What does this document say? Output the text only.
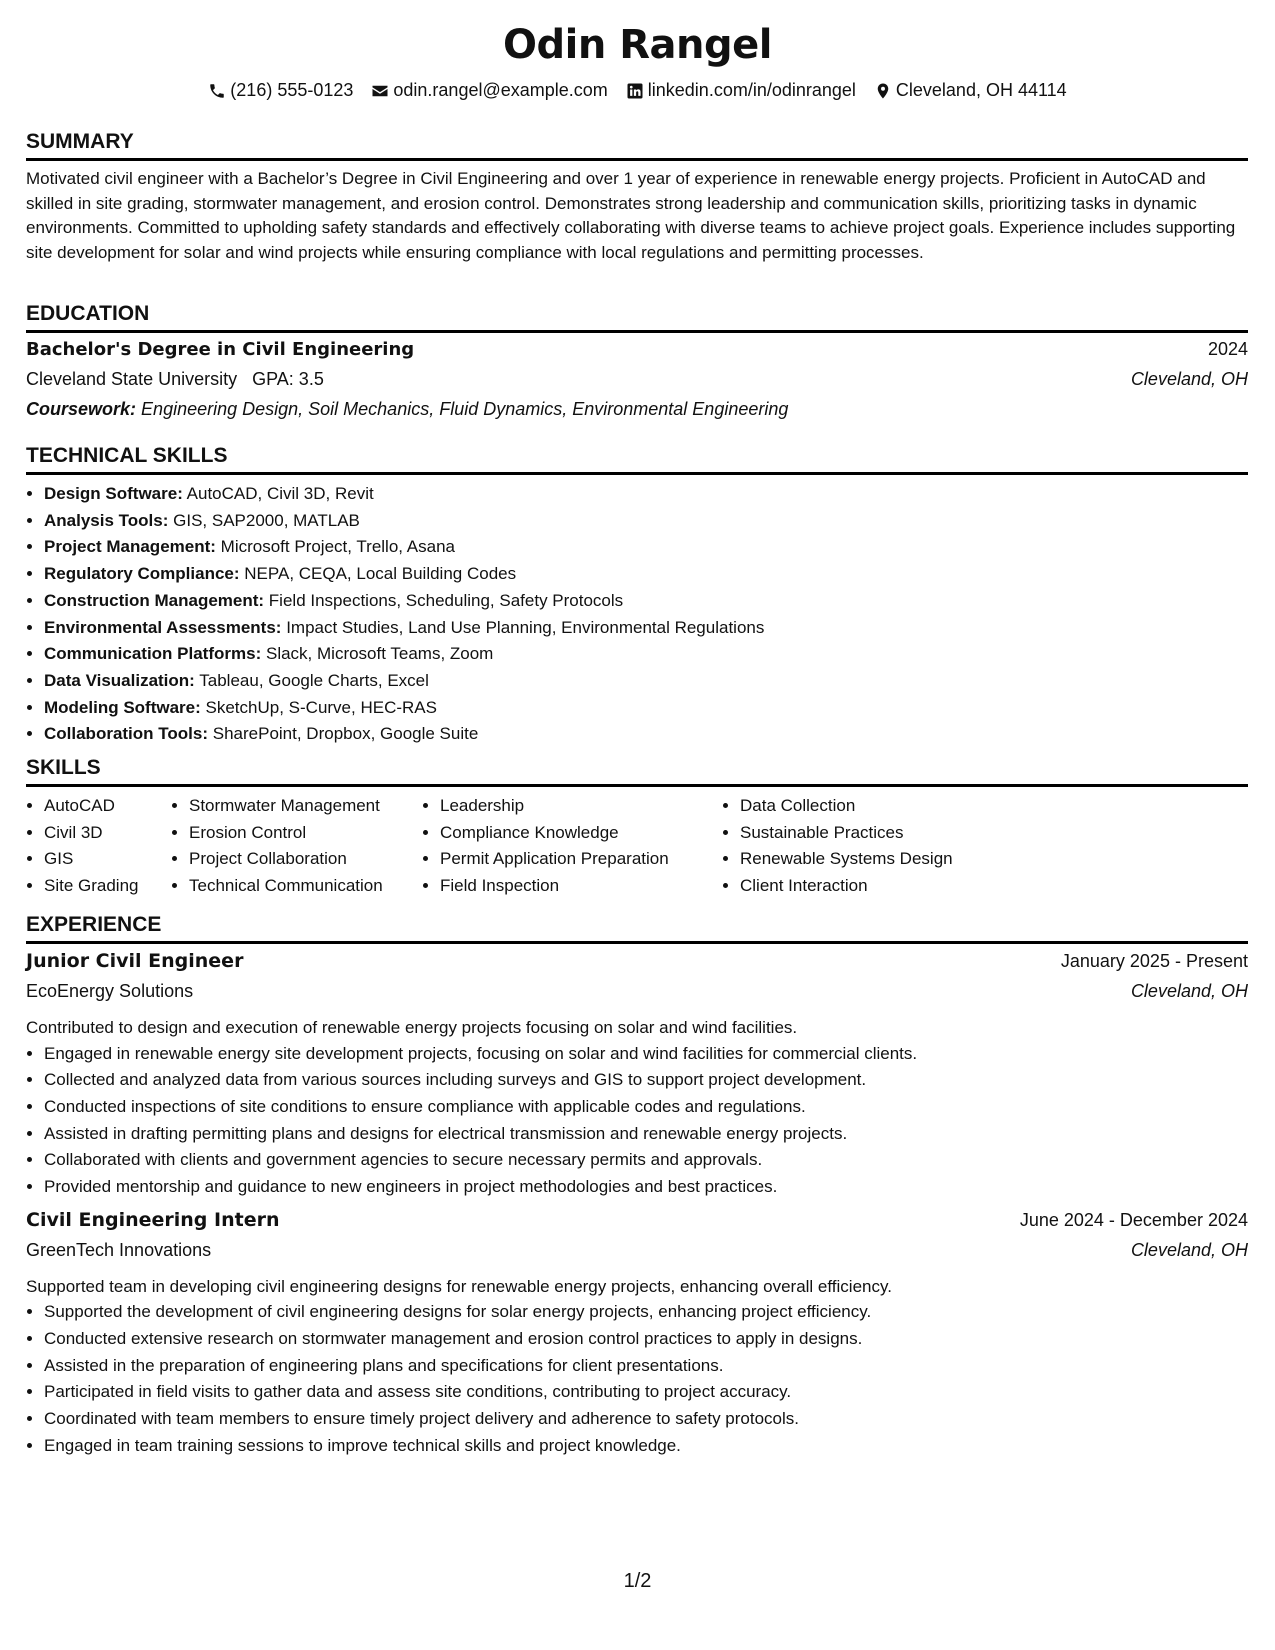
Odin Rangel
(216) 555-0123 odin.rangel@example.com linkedin.com/in/odinrangel Cleveland, OH 44114
SUMMARY
Motivated civil engineer with a Bachelor’s Degree in Civil Engineering and over 1 year of experience in renewable energy projects. Proficient in AutoCAD and skilled in site grading, stormwater management, and erosion control. Demonstrates strong leadership and communication skills, prioritizing tasks in dynamic environments. Committed to upholding safety standards and effectively collaborating with diverse teams to achieve project goals. Experience includes supporting site development for solar and wind projects while ensuring compliance with local regulations and permitting processes.
EDUCATION
Bachelor's Degree in Civil Engineering	2024
Cleveland State University GPA: 3.5	Cleveland, OH
Coursework: Engineering Design, Soil Mechanics, Fluid Dynamics, Environmental Engineering
TECHNICAL SKILLS
• Design Software: AutoCAD, Civil 3D, Revit
• Analysis Tools: GIS, SAP2000, MATLAB
• Project Management: Microsoft Project, Trello, Asana
• Regulatory Compliance: NEPA, CEQA, Local Building Codes
• Construction Management: Field Inspections, Scheduling, Safety Protocols
• Environmental Assessments: Impact Studies, Land Use Planning, Environmental Regulations
• Communication Platforms: Slack, Microsoft Teams, Zoom
• Data Visualization: Tableau, Google Charts, Excel
• Modeling Software: SketchUp, S-Curve, HEC-RAS
• Collaboration Tools: SharePoint, Dropbox, Google Suite
SKILLS
• AutoCAD
• Civil 3D
• GIS
• Site Grading
• Stormwater Management
• Erosion Control
• Project Collaboration
• Technical Communication
• Leadership
• Compliance Knowledge
• Permit Application Preparation
• Field Inspection
• Data Collection
• Sustainable Practices
• Renewable Systems Design
• Client Interaction
EXPERIENCE
Junior Civil Engineer	January 2025 - Present
EcoEnergy Solutions	Cleveland, OH
Contributed to design and execution of renewable energy projects focusing on solar and wind facilities.
• Engaged in renewable energy site development projects, focusing on solar and wind facilities for commercial clients.
• Collected and analyzed data from various sources including surveys and GIS to support project development.
• Conducted inspections of site conditions to ensure compliance with applicable codes and regulations.
• Assisted in drafting permitting plans and designs for electrical transmission and renewable energy projects.
• Collaborated with clients and government agencies to secure necessary permits and approvals.
• Provided mentorship and guidance to new engineers in project methodologies and best practices.
Civil Engineering Intern	June 2024 - December 2024
GreenTech Innovations	Cleveland, OH
Supported team in developing civil engineering designs for renewable energy projects, enhancing overall efficiency.
• Supported the development of civil engineering designs for solar energy projects, enhancing project efficiency.
• Conducted extensive research on stormwater management and erosion control practices to apply in designs.
• Assisted in the preparation of engineering plans and specifications for client presentations.
• Participated in field visits to gather data and assess site conditions, contributing to project accuracy.
• Coordinated with team members to ensure timely project delivery and adherence to safety protocols.
• Engaged in team training sessions to improve technical skills and project knowledge.
1/2
